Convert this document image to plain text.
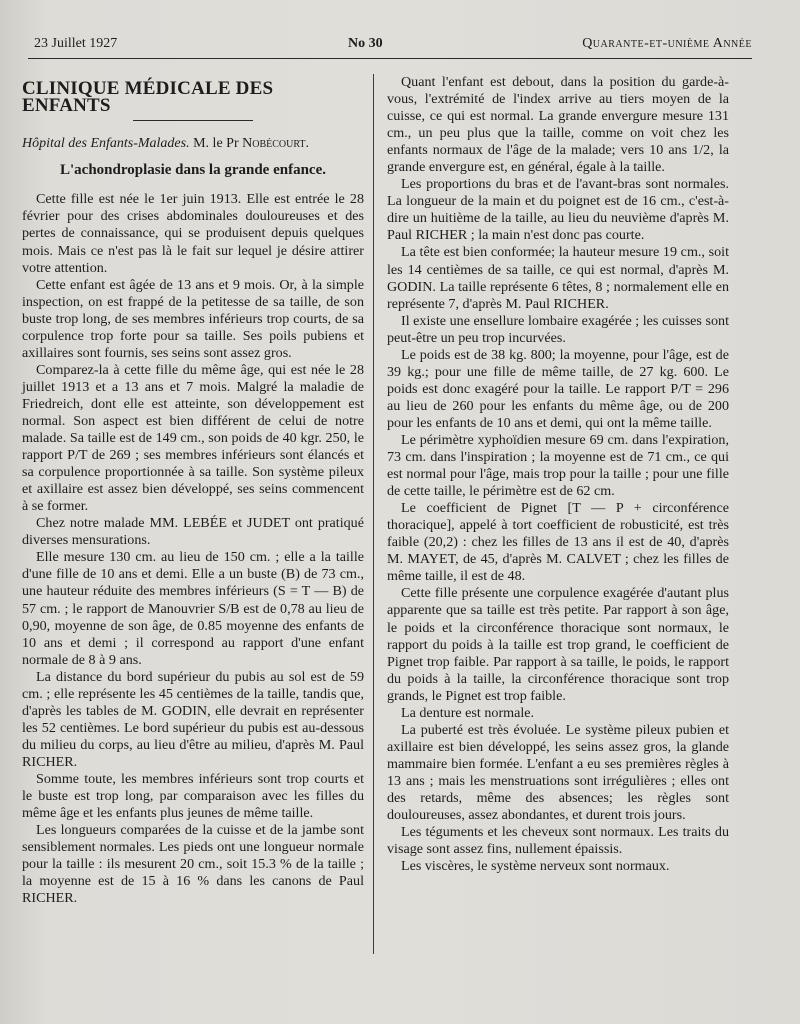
23 Juillet 1927	No 30	Quarante-et-unième Année
CLINIQUE MÉDICALE DES ENFANTS
Hôpital des Enfants-Malades. M. le Pr Nobécourt.
L'achondroplasie dans la grande enfance.

Cette fille est née le 1er juin 1913. Elle est entrée le 28 février pour des crises abdominales douloureuses et des pertes de connaissance, qui se produisent depuis quelques mois. Mais ce n'est pas là le fait sur lequel je désire attirer votre attention.

Cette enfant est âgée de 13 ans et 9 mois. Or, à la simple inspection, on est frappé de la petitesse de sa taille, de son buste trop long, de ses membres inférieurs trop courts, de sa corpulence trop forte pour sa taille. Ses poils pubiens et axillaires sont fournis, ses seins sont assez gros.

Comparez-la à cette fille du même âge, qui est née le 28 juillet 1913 et a 13 ans et 7 mois. Malgré la maladie de Friedreich, dont elle est atteinte, son développement est normal. Son aspect est bien différent de celui de notre malade. Sa taille est de 149 cm., son poids de 40 kgr. 250, le rapport P/T de 269 ; ses membres inférieurs sont élancés et sa corpulence proportionnée à sa taille. Son système pileux et axillaire est assez bien développé, ses seins commencent à se former.

Chez notre malade MM. LEBÉE et JUDET ont pratiqué diverses mensurations.

Elle mesure 130 cm. au lieu de 150 cm. ; elle a la taille d'une fille de 10 ans et demi. Elle a un buste (B) de 73 cm., une hauteur réduite des membres inférieurs (S = T — B) de 57 cm. ; le rapport de Manouvrier S/B est de 0,78 au lieu de 0,90, moyenne de son âge, de 0.85 moyenne des enfants de 10 ans et demi ; il correspond au rapport d'une enfant normale de 8 à 9 ans.

La distance du bord supérieur du pubis au sol est de 59 cm. ; elle représente les 45 centièmes de la taille, tandis que, d'après les tables de M. GODIN, elle devrait en représenter les 52 centièmes. Le bord supérieur du pubis est au-dessous du milieu du corps, au lieu d'être au milieu, d'après M. Paul RICHER.

Somme toute, les membres inférieurs sont trop courts et le buste est trop long, par comparaison avec les filles du même âge et les enfants plus jeunes de même taille.

Les longueurs comparées de la cuisse et de la jambe sont sensiblement normales. Les pieds ont une longueur normale pour la taille : ils mesurent 20 cm., soit 15.3 % de la taille ; la moyenne est de 15 à 16 % dans les canons de Paul RICHER.

Quant l'enfant est debout, dans la position du garde-à-vous, l'extrémité de l'index arrive au tiers moyen de la cuisse, ce qui est normal. La grande envergure mesure 131 cm., un peu plus que la taille, comme on voit chez les enfants normaux de l'âge de la malade; vers 10 ans 1/2, la grande envergure est, en général, égale à la taille.

Les proportions du bras et de l'avant-bras sont normales. La longueur de la main et du poignet est de 16 cm., c'est-à-dire un huitième de la taille, au lieu du neuvième d'après M. Paul RICHER ; la main n'est donc pas courte.

La tête est bien conformée; la hauteur mesure 19 cm., soit les 14 centièmes de sa taille, ce qui est normal, d'après M. GODIN. La taille représente 6 têtes, 8 ; normalement elle en représente 7, d'après M. Paul RICHER.

Il existe une ensellure lombaire exagérée ; les cuisses sont peut-être un peu trop incurvées.

Le poids est de 38 kg. 800; la moyenne, pour l'âge, est de 39 kg.; pour une fille de même taille, de 27 kg. 600. Le poids est donc exagéré pour la taille. Le rapport P/T = 296 au lieu de 260 pour les enfants du même âge, ou de 200 pour les enfants de 10 ans et demi, qui ont la même taille.

Le périmètre xyphoïdien mesure 69 cm. dans l'expiration, 73 cm. dans l'inspiration ; la moyenne est de 71 cm., ce qui est normal pour l'âge, mais trop pour la taille ; pour une fille de cette taille, le périmètre est de 62 cm.

Le coefficient de Pignet [T — P + circonférence thoracique], appelé à tort coefficient de robusticité, est très faible (20,2) : chez les filles de 13 ans il est de 40, d'après M. MAYET, de 45, d'après M. CALVET ; chez les filles de même taille, il est de 48.

Cette fille présente une corpulence exagérée d'autant plus apparente que sa taille est très petite. Par rapport à son âge, le poids et la circonférence thoracique sont normaux, le rapport du poids à la taille est trop grand, le coefficient de Pignet trop faible. Par rapport à sa taille, le poids, le rapport du poids à la taille, la circonférence thoracique sont trop grands, le Pignet est trop faible.

La denture est normale.

La puberté est très évoluée. Le système pileux pubien et axillaire est bien développé, les seins assez gros, la glande mammaire bien formée. L'enfant a eu ses premières règles à 13 ans ; mais les menstruations sont irrégulières ; elles ont des retards, même des absences; les règles sont douloureuses, assez abondantes, et durent trois jours.

Les téguments et les cheveux sont normaux. Les traits du visage sont assez fins, nullement épaissis.

Les viscères, le système nerveux sont normaux.
